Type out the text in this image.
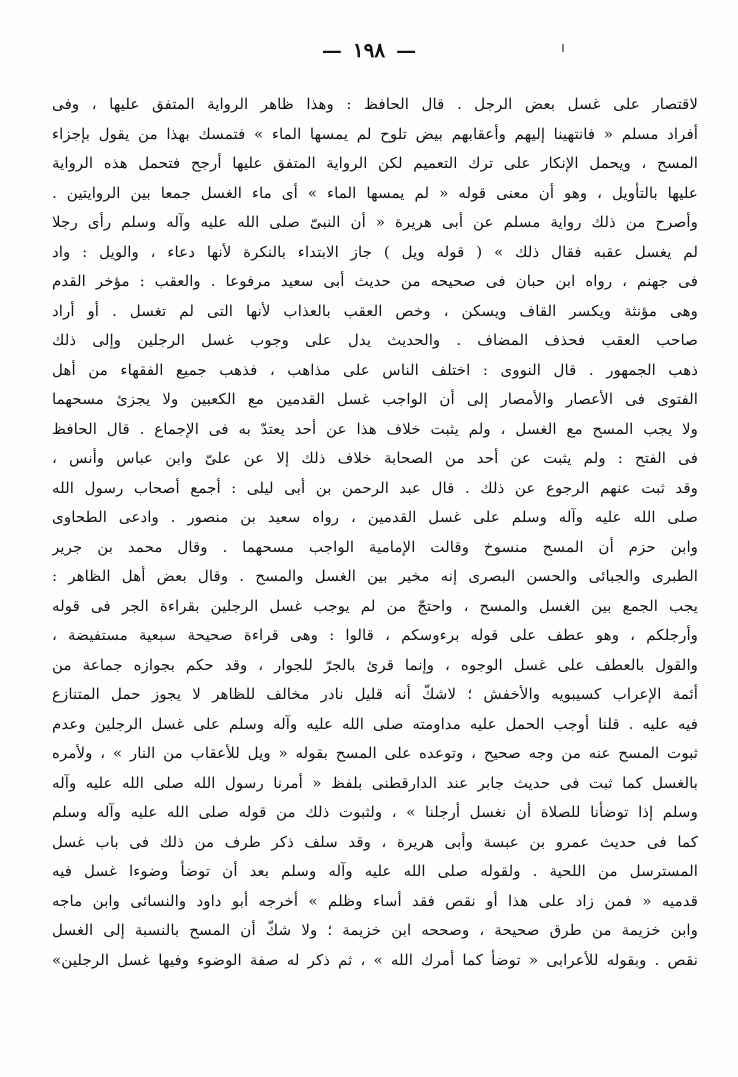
— ١٩٨ —
لاقتصار على غسل بعض الرجل . قال الحافظ : وهذا ظاهر الرواية المتفق عليها ، وفى
أفراد مسلم « فانتهينا إليهم وأعقابهم بيض تلوح لم يمسها الماء » فتمسك بهذا من يقول بإجزاء
المسح ، ويحمل الإنكار على ترك التعميم لكن الرواية المتفق عليها أرجح فتحمل هذه الرواية
عليها بالتأويل ، وهو أن معنى قوله « لم يمسها الماء » أى ماء الغسل جمعا بين الروايتين .
وأصرح من ذلك رواية مسلم عن أبى هريرة « أن النبىّ صلى الله عليه وآله وسلم رأى رجلا
لم يغسل عقبه فقال ذلك » ( قوله ويل ) جاز الابتداء بالنكرة لأنها دعاء ، والويل : واد
فى جهنم ، رواه ابن حبان فى صحيحه من حديث أبى سعيد مرفوعا . والعقب : مؤخر القدم
وهى مؤنثة ويكسر القاف ويسكن ، وخص العقب بالعذاب لأنها التى لم تغسل . أو أراد
صاحب العقب فحذف المضاف . والحديث يدل على وجوب غسل الرجلين وإلى ذلك
ذهب الجمهور . قال النووى : اختلف الناس على مذاهب ، فذهب جميع الفقهاء من أهل
الفتوى فى الأعصار والأمصار إلى أن الواجب غسل القدمين مع الكعبين ولا يجزئ مسحهما
ولا يجب المسح مع الغسل ، ولم يثبت خلاف هذا عن أحد يعتدّ به فى الإجماع . قال الحافظ
فى الفتح : ولم يثبت عن أحد من الصحابة خلاف ذلك إلا عن علىّ وابن عباس وأنس ،
وقد ثبت عنهم الرجوع عن ذلك . قال عبد الرحمن بن أبى ليلى : أجمع أصحاب رسول الله
صلى الله عليه وآله وسلم على غسل القدمين ، رواه سعيد بن منصور . وادعى الطحاوى
وابن حزم أن المسح منسوخ وقالت الإمامية الواجب مسحهما . وقال محمد بن جرير
الطبرى والجبائى والحسن البصرى إنه مخير بين الغسل والمسح . وقال بعض أهل الظاهر :
يجب الجمع بين الغسل والمسح ، واحتجّ من لم يوجب غسل الرجلين بقراءة الجر فى قوله
وأرجلكم ، وهو عطف على قوله برءوسكم ، قالوا : وهى قراءة صحيحة سبعية مستفيضة ،
والقول بالعطف على غسل الوجوه ، وإنما قرئ بالجرّ للجوار ، وقد حكم بجوازه جماعة من
أئمة الإعراب كسيبويه والأخفش ؛ لاشكّ أنه قليل نادر مخالف للظاهر لا يجوز حمل المتنازع
فيه عليه . قلنا أوجب الحمل عليه مداومته صلى الله عليه وآله وسلم على غسل الرجلين وعدم
ثبوت المسح عنه من وجه صحيح ، وتوعده على المسح بقوله « ويل للأعقاب من النار » ، ولأمره
بالغسل كما ثبت فى حديث جابر عند الدارقطنى بلفظ « أمرنا رسول الله صلى الله عليه وآله
وسلم إذا توضأنا للصلاة أن نغسل أرجلنا » ، ولثبوت ذلك من قوله صلى الله عليه وآله وسلم
كما فى حديث عمرو بن عبسة وأبى هريرة ، وقد سلف ذكر طرف من ذلك فى باب غسل
المسترسل من اللحية . ولقوله صلى الله عليه وآله وسلم بعد أن توضأ وضوءا غسل فيه
قدميه « فمن زاد على هذا أو نقص فقد أساء وظلم » أخرجه أبو داود والنسائى وابن ماجه
وابن خزيمة من طرق صحيحة ، وصححه ابن خزيمة ؛ ولا شكّ أن المسح بالنسبة إلى الغسل
نقص . وبقوله للأعرابى « توضأ كما أمرك الله » ، ثم ذكر له صفة الوضوء وفيها غسل الرجلين»
